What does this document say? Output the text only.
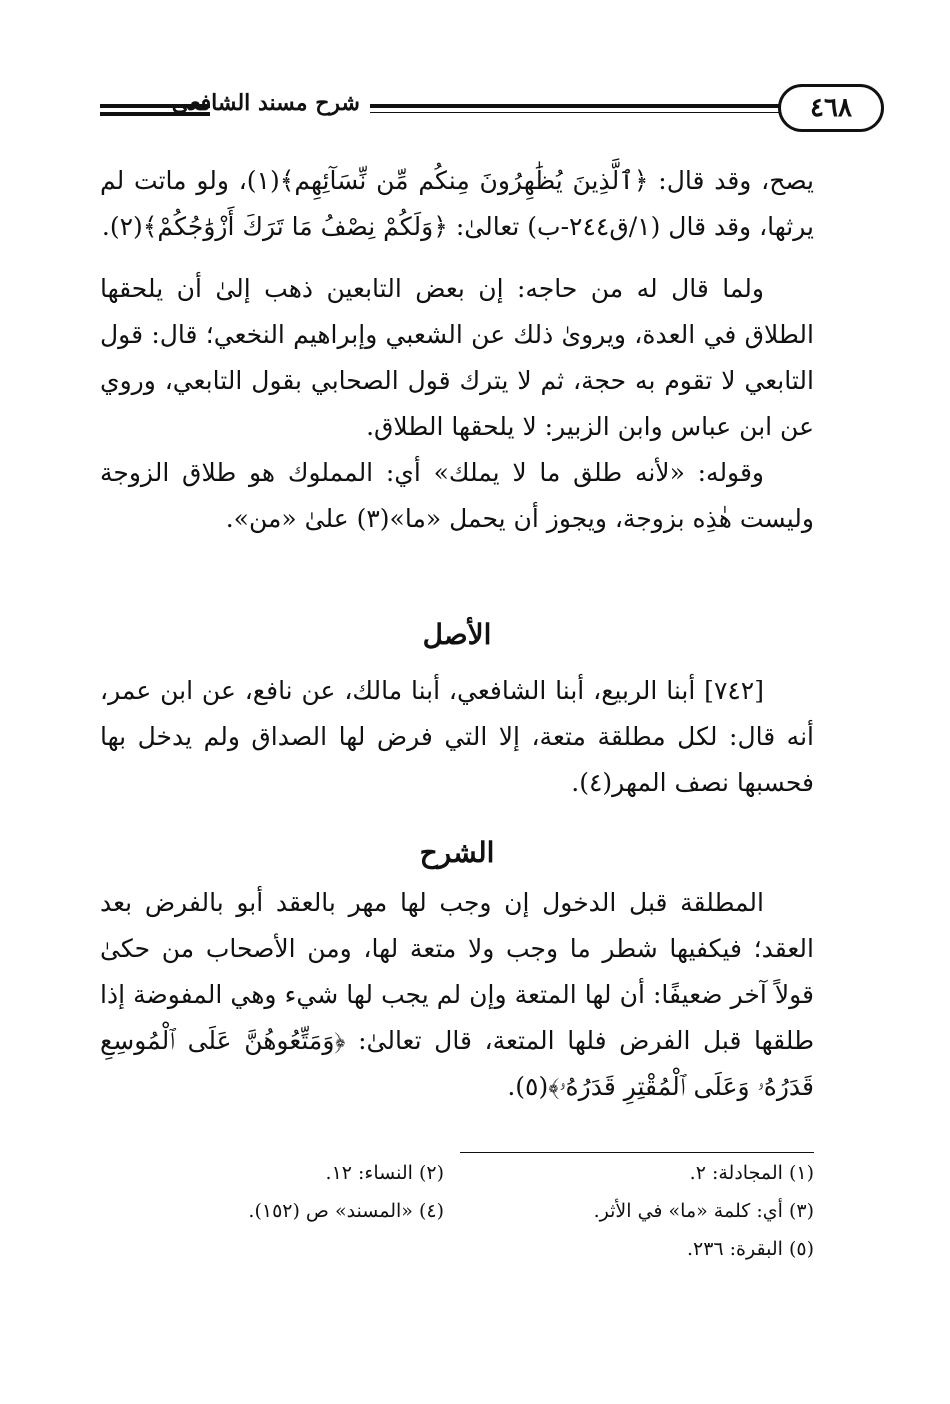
شرح مسند الشافعي	٤٦٨

يصح، وقد قال: ﴿ٱلَّذِينَ يُظَٰهِرُونَ مِنكُم مِّن نِّسَآئِهِم﴾(١)، ولو ماتت لم يرثها، وقد قال (١/ق٢٤٤-ب) تعالىٰ: ﴿وَلَكُمْ نِصْفُ مَا تَرَكَ أَزْوَٰجُكُمْ﴾(٢).

ولما قال له من حاجه: إن بعض التابعين ذهب إلىٰ أن يلحقها الطلاق في العدة، ويروىٰ ذلك عن الشعبي وإبراهيم النخعي؛ قال: قول التابعي لا تقوم به حجة، ثم لا يترك قول الصحابي بقول التابعي، وروي عن ابن عباس وابن الزبير: لا يلحقها الطلاق.

وقوله: «لأنه طلق ما لا يملك» أي: المملوك هو طلاق الزوجة وليست هٰذِه بزوجة، ويجوز أن يحمل «ما»(٣) علىٰ «من».

الأصل

[٧٤٢] أبنا الربيع، أبنا الشافعي، أبنا مالك، عن نافع، عن ابن عمر، أنه قال: لكل مطلقة متعة، إلا التي فرض لها الصداق ولم يدخل بها فحسبها نصف المهر(٤).

الشرح

المطلقة قبل الدخول إن وجب لها مهر بالعقد أبو بالفرض بعد العقد؛ فيكفيها شطر ما وجب ولا متعة لها، ومن الأصحاب من حكىٰ قولاً آخر ضعيفًا: أن لها المتعة وإن لم يجب لها شيء وهي المفوضة إذا طلقها قبل الفرض فلها المتعة، قال تعالىٰ: ﴿وَمَتِّعُوهُنَّ عَلَى ٱلْمُوسِعِ قَدَرُهُۥ وَعَلَى ٱلْمُقْتِرِ قَدَرُهُۥ﴾(٥).

(١) المجادلة: ٢.
(٢) النساء: ١٢.
(٣) أي: كلمة «ما» في الأثر.
(٤) «المسند» ص (١٥٢).
(٥) البقرة: ٢٣٦.
